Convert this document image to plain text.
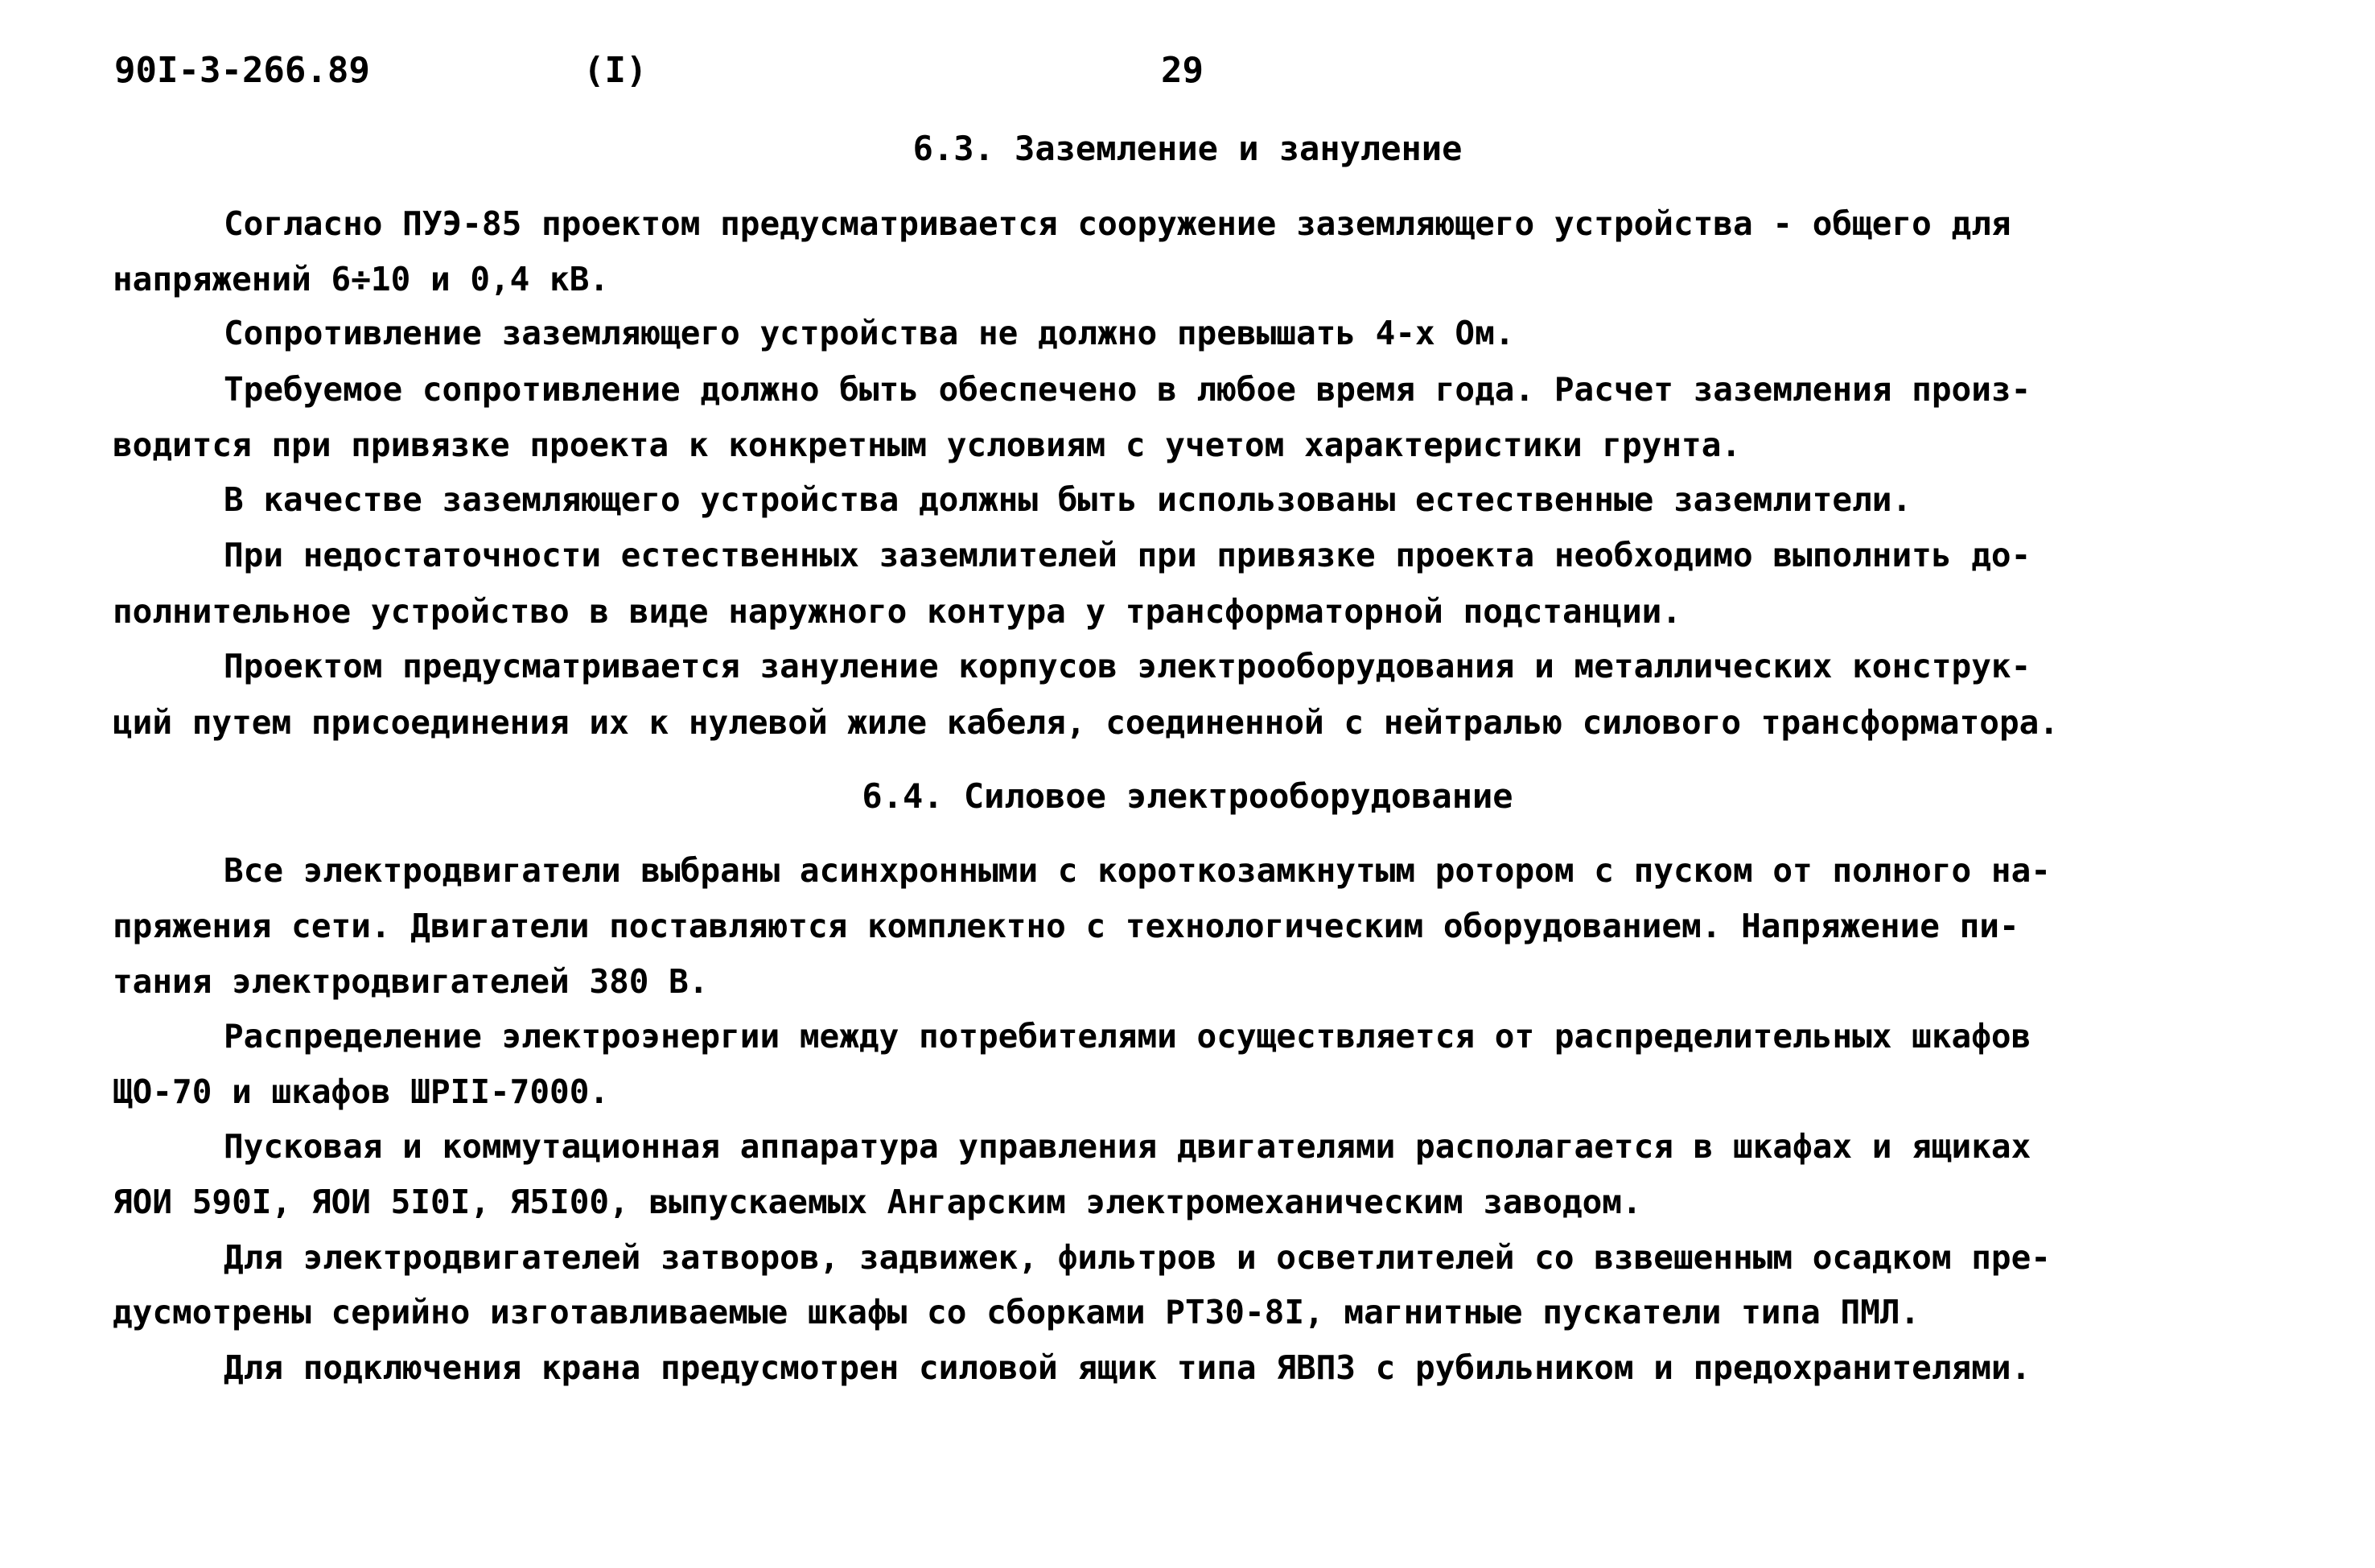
90I-3-266.89	(I)	29
6.3. Заземление и зануление
Согласно ПУЭ-85 проектом предусматривается сооружение заземляющего устройства - общего для
напряжений 6÷10 и 0,4 кВ.
Сопротивление заземляющего устройства не должно превышать 4-х Ом.
Требуемое сопротивление должно быть обеспечено в любое время года. Расчет заземления произ-
водится при привязке проекта к конкретным условиям с учетом характеристики грунта.
В качестве заземляющего устройства должны быть использованы естественные заземлители.
При недостаточности естественных заземлителей при привязке проекта необходимо выполнить до-
полнительное устройство в виде наружного контура у трансформаторной подстанции.
Проектом предусматривается зануление корпусов электрооборудования и металлических конструк-
ций путем присоединения их к нулевой жиле кабеля, соединенной с нейтралью силового трансформатора.
6.4. Силовое электрооборудование
Все электродвигатели выбраны асинхронными с короткозамкнутым ротором с пуском от полного на-
пряжения сети. Двигатели поставляются комплектно с технологическим оборудованием. Напряжение пи-
тания электродвигателей 380 В.
Распределение электроэнергии между потребителями осуществляется от распределительных шкафов
ЩО-70 и шкафов ШРII-7000.
Пусковая и коммутационная аппаратура управления двигателями располагается в шкафах и ящиках
ЯОИ 590I, ЯОИ 5I0I, Я5I00, выпускаемых Ангарским электромеханическим заводом.
Для электродвигателей затворов, задвижек, фильтров и осветлителей со взвешенным осадком пре-
дусмотрены серийно изготавливаемые шкафы со сборками РТ30-8I, магнитные пускатели типа ПМЛ.
Для подключения крана предусмотрен силовой ящик типа ЯВП3 с рубильником и предохранителями.
